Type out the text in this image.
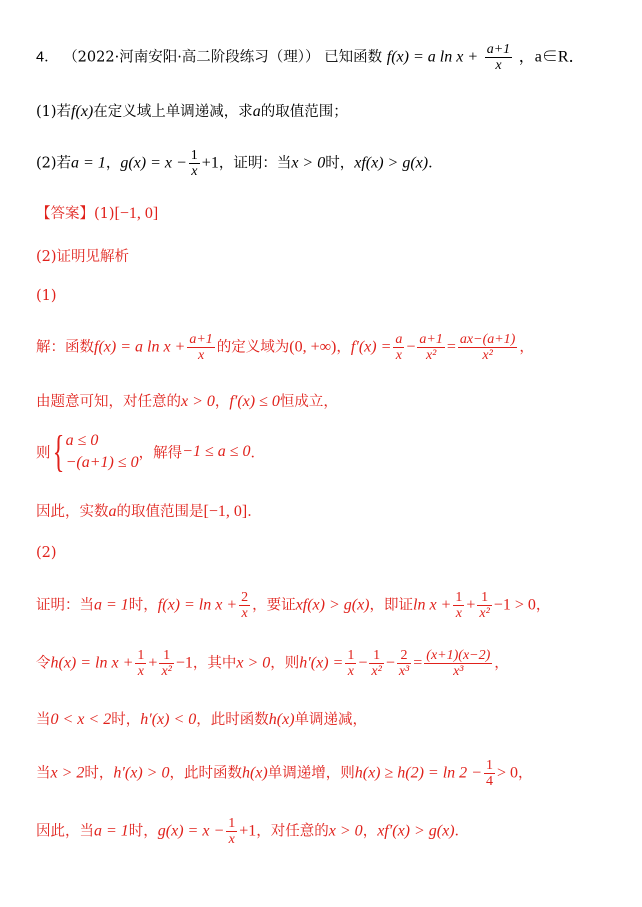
4． （2022·河南安阳·高二阶段练习（理）） 已知函数 f(x) = a $\ln x + \frac{a+1}{x}$ ，a∈R．
(1)若f(x)在定义域上单调递减，求a的取值范围；
(2)若a = 1，$g(x) = x - \frac{1}{x} +1$，证明：当x > 0时，xf(x) > g(x)．
【答案】(1)[−1, 0]
(2)证明见解析
(1)
解：函数f(x) = a $\ln x + \frac{a+1}{x}$ 的定义域为(0, +∞)，$f'(x) = \frac{a}{x} - \frac{a+1}{\text{x²}} = \frac{ax-(a+1)}{\text{x²}}$ ，
由题意可知，对任意的x > 0，f′(x) ≤ 0恒成立，
则{ a ≤ 0
−(a+1) ≤ 0
，解得−1 ≤ a ≤ 0．
因此，实数a的取值范围是[−1, 0]．
(2)
证明：当a = 1时，$f(x) = \ln x + \frac{2}{x}$ ，要证xf(x) > g(x)，即证$\ln x + \frac{1}{x} + \frac{1}{\text{x²}} -1 > 0$，
令$h(x) = \ln x + \frac{1}{x} + \frac{1}{\text{x²}} -1$，其中x > 0，则$h'(x) = \frac{1}{x} - \frac{1}{\text{x²}} - \frac{2}{\text{x³}} = \frac{(x+1)(x-2)}{\text{x³}}$ ，
当0 < x < 2时，h′(x) < 0，此时函数h(x)单调递减，
当x > 2时，h′(x) > 0，此时函数h(x)单调递增，则$h(x) \ge h(2) = \ln 2 - \frac{1}{4} > 0$，
因此，当a = 1时，$g(x) = x - \frac{1}{x} +1$，对任意的x > 0，xf′(x) > g(x)．
